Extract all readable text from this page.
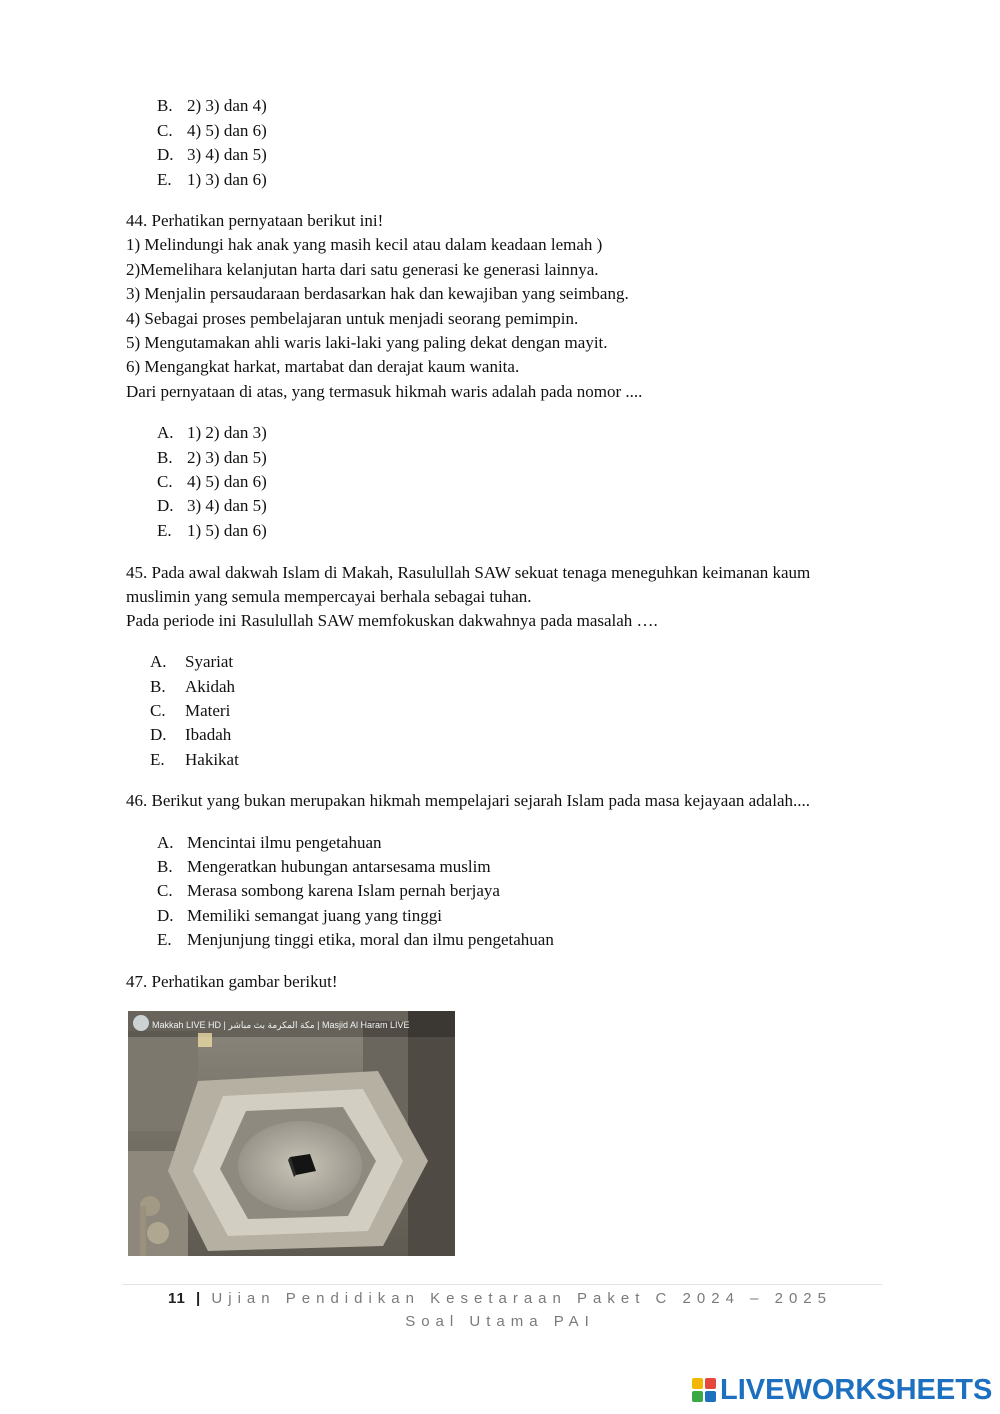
B. 2) 3) dan 4)
C. 4) 5) dan 6)
D. 3) 4) dan 5)
E. 1) 3) dan 6)
44. Perhatikan pernyataan berikut ini!
1) Melindungi hak anak yang masih kecil atau dalam keadaan lemah )
2)Memelihara kelanjutan harta dari satu generasi ke generasi lainnya.
3) Menjalin persaudaraan berdasarkan hak dan kewajiban yang seimbang.
4) Sebagai proses pembelajaran untuk menjadi seorang pemimpin.
5) Mengutamakan ahli waris laki-laki yang paling dekat dengan mayit.
6) Mengangkat harkat, martabat dan derajat kaum wanita.
Dari pernyataan di atas, yang termasuk hikmah waris adalah pada nomor ....
A. 1) 2) dan 3)
B. 2) 3) dan 5)
C. 4) 5) dan 6)
D. 3) 4) dan 5)
E. 1) 5) dan 6)
45. Pada awal dakwah Islam di Makah, Rasulullah SAW sekuat tenaga meneguhkan keimanan kaum
muslimin yang semula mempercayai berhala sebagai tuhan.
Pada periode ini Rasulullah SAW memfokuskan dakwahnya pada masalah ….
A. Syariat
B. Akidah
C. Materi
D. Ibadah
E. Hakikat
46. Berikut yang bukan merupakan hikmah mempelajari sejarah Islam pada masa kejayaan adalah....
A. Mencintai ilmu pengetahuan
B. Mengeratkan hubungan antarsesama muslim
C. Merasa sombong karena Islam pernah berjaya
D. Memiliki semangat juang yang tinggi
E. Menjunjung tinggi etika, moral dan ilmu pengetahuan
47. Perhatikan gambar berikut!
Makkah LIVE HD | مكة المكرمة بث مباشر | Masjid Al Haram LIVE
11 | Ujian Pendidikan Kesetaraan Paket C 2024 – 2025
Soal Utama PAI
LIVEWORKSHEETS
